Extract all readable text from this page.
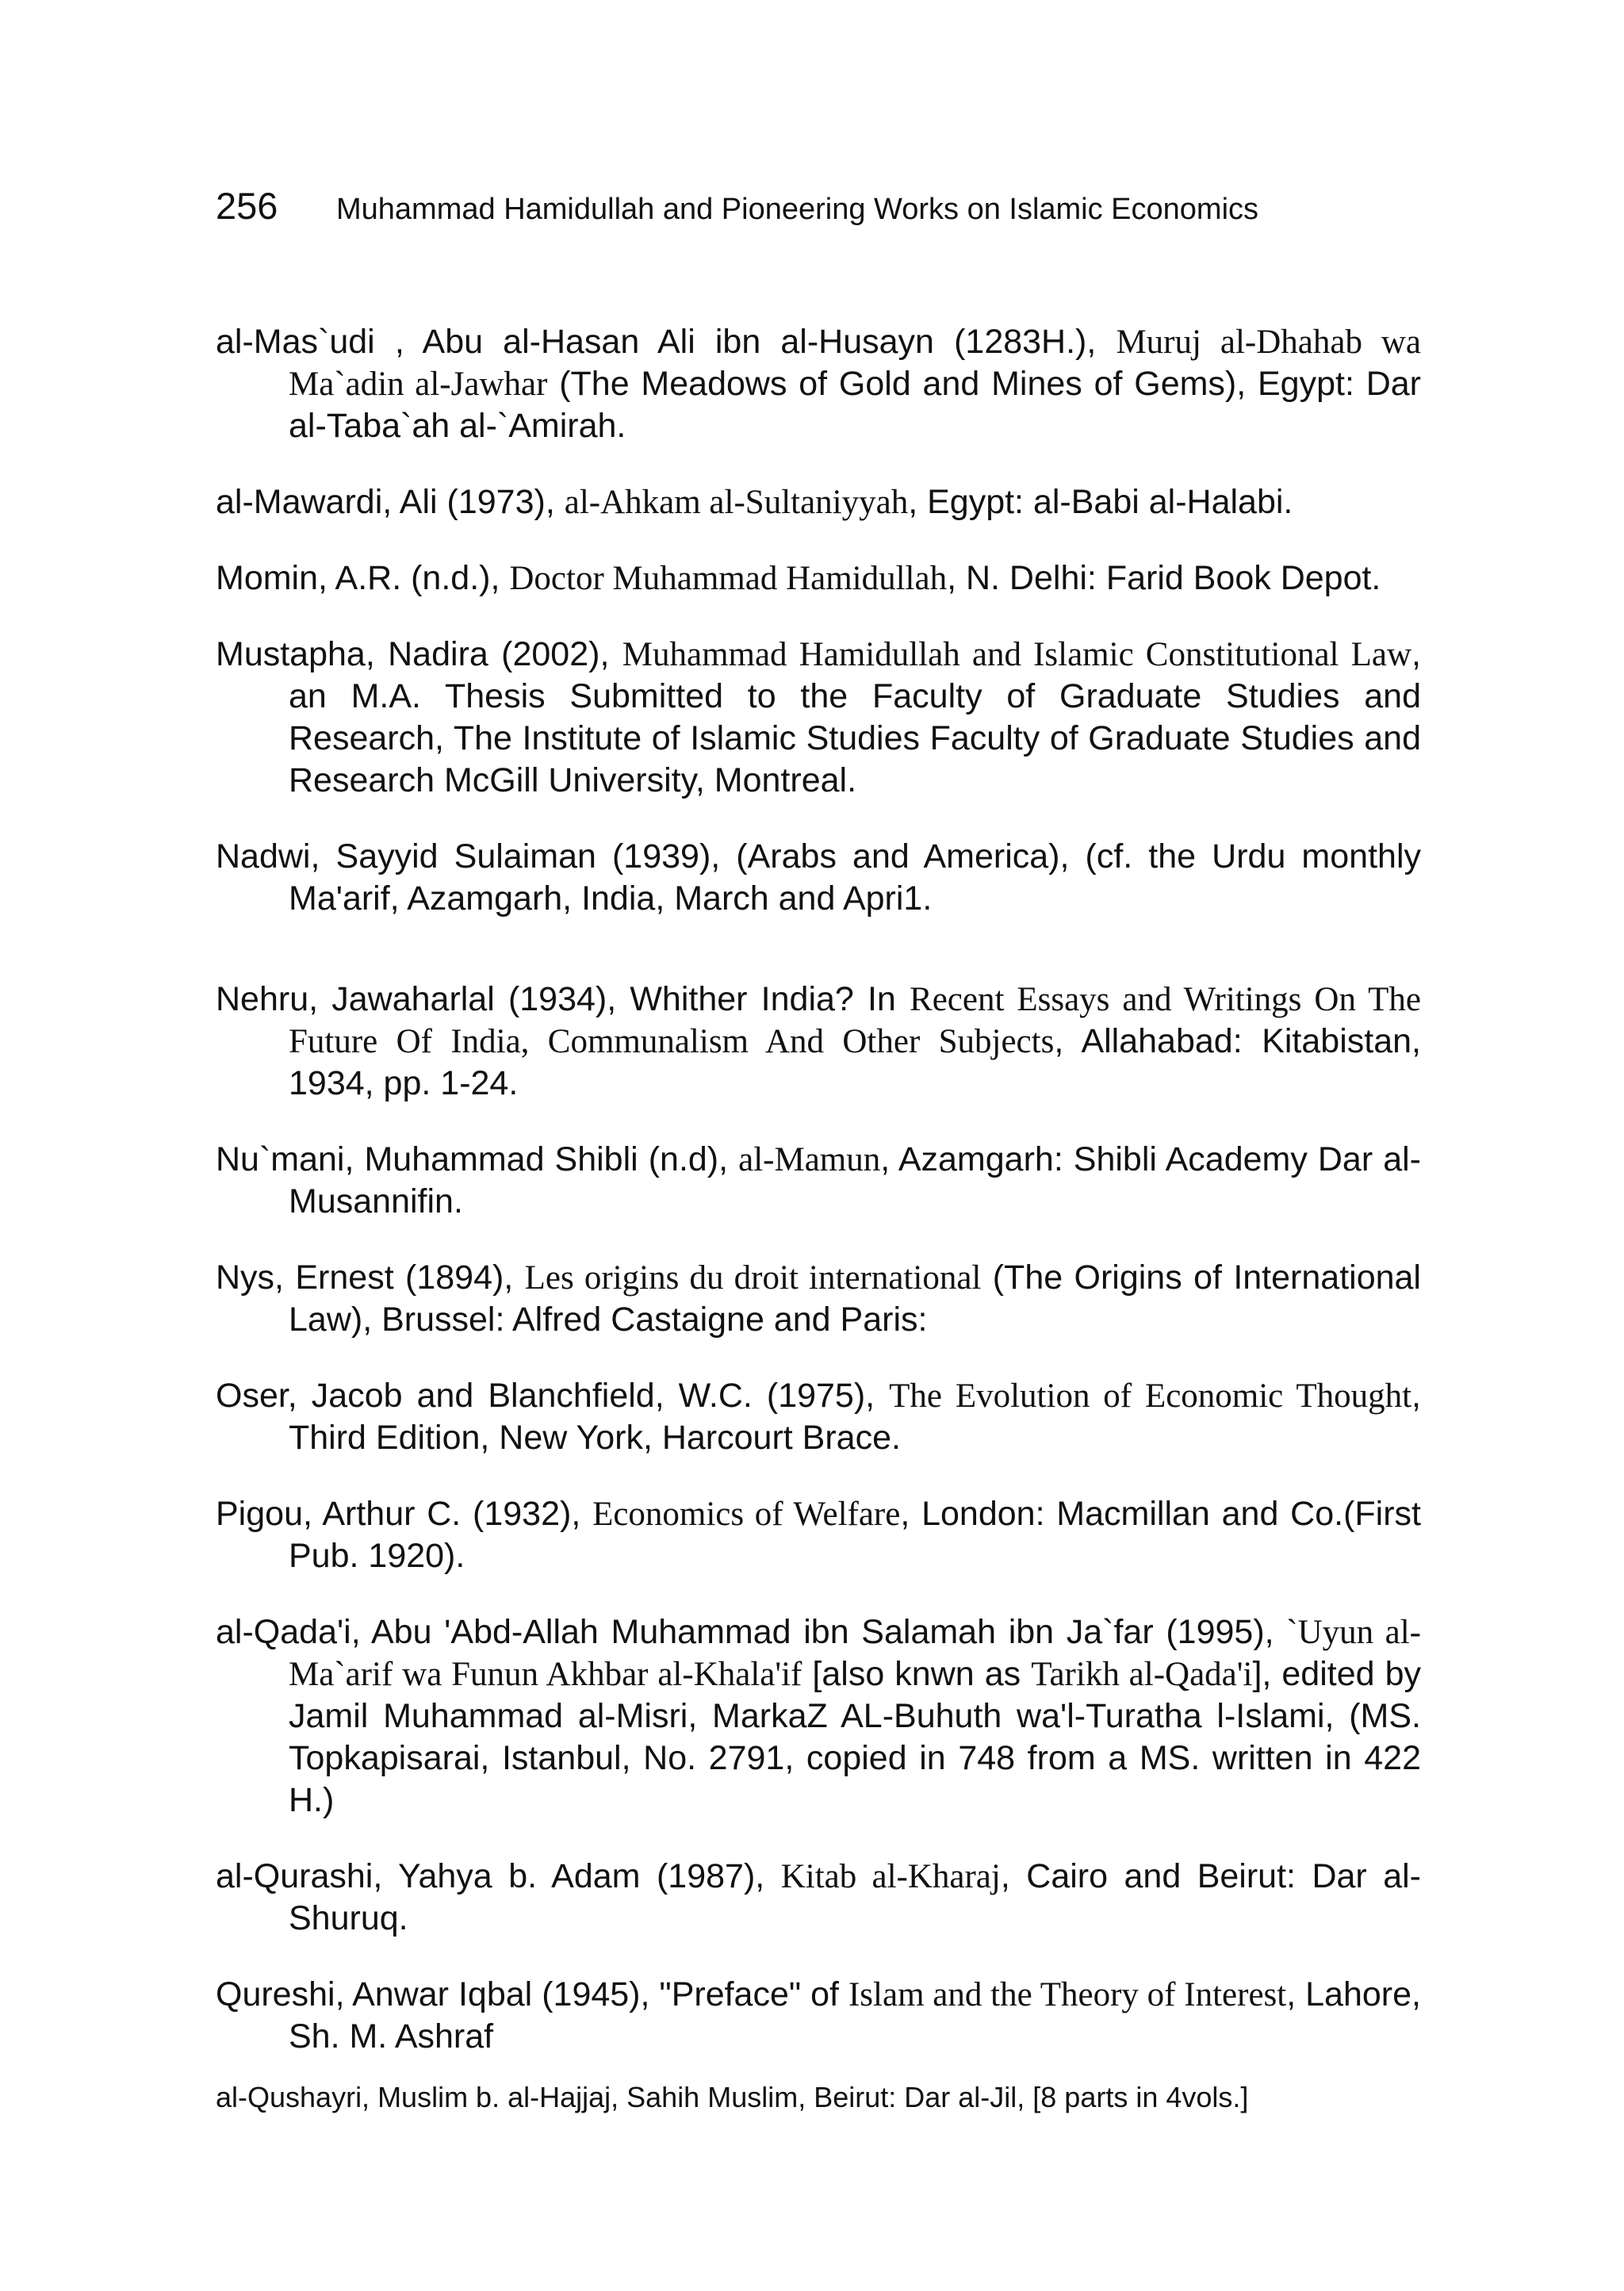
256 Muhammad Hamidullah and Pioneering Works on Islamic Economics

al-Mas`udi , Abu al-Hasan Ali ibn al-Husayn (1283H.), Muruj al-Dhahab wa Ma`adin al-Jawhar (The Meadows of Gold and Mines of Gems), Egypt: Dar al-Taba`ah al-`Amirah.

al-Mawardi, Ali (1973), al-Ahkam al-Sultaniyyah, Egypt: al-Babi al-Halabi.

Momin, A.R. (n.d.), Doctor Muhammad Hamidullah, N. Delhi: Farid Book Depot.

Mustapha, Nadira (2002), Muhammad Hamidullah and Islamic Constitutional Law, an M.A. Thesis Submitted to the Faculty of Graduate Studies and Research, The Institute of Islamic Studies Faculty of Graduate Studies and Research McGill University, Montreal.

Nadwi, Sayyid Sulaiman (1939), (Arabs and America), (cf. the Urdu monthly Ma'arif, Azamgarh, India, March and Apri1.

Nehru, Jawaharlal (1934), Whither India? In Recent Essays and Writings On The Future Of India, Communalism And Other Subjects, Allahabad: Kitabistan, 1934, pp. 1-24.

Nu`mani, Muhammad Shibli (n.d), al-Mamun, Azamgarh: Shibli Academy Dar al-Musannifin.

Nys, Ernest (1894), Les origins du droit international (The Origins of International Law), Brussel: Alfred Castaigne and Paris:

Oser, Jacob and Blanchfield, W.C. (1975), The Evolution of Economic Thought, Third Edition, New York, Harcourt Brace.

Pigou, Arthur C. (1932), Economics of Welfare, London: Macmillan and Co.(First Pub. 1920).

al-Qada'i, Abu 'Abd-Allah Muhammad ibn Salamah ibn Ja`far (1995), `Uyun al-Ma`arif wa Funun Akhbar al-Khala'if [also knwn as Tarikh al-Qada'i], edited by Jamil Muhammad al-Misri, MarkaZ AL-Buhuth wa'l-Turatha l-Islami, (MS. Topkapisarai, Istanbul, No. 2791, copied in 748 from a MS. written in 422 H.)

al-Qurashi, Yahya b. Adam (1987), Kitab al-Kharaj, Cairo and Beirut: Dar al-Shuruq.

Qureshi, Anwar Iqbal (1945), "Preface" of Islam and the Theory of Interest, Lahore, Sh. M. Ashraf

al-Qushayri, Muslim b. al-Hajjaj, Sahih Muslim, Beirut: Dar al-Jil, [8 parts in 4vols.]
